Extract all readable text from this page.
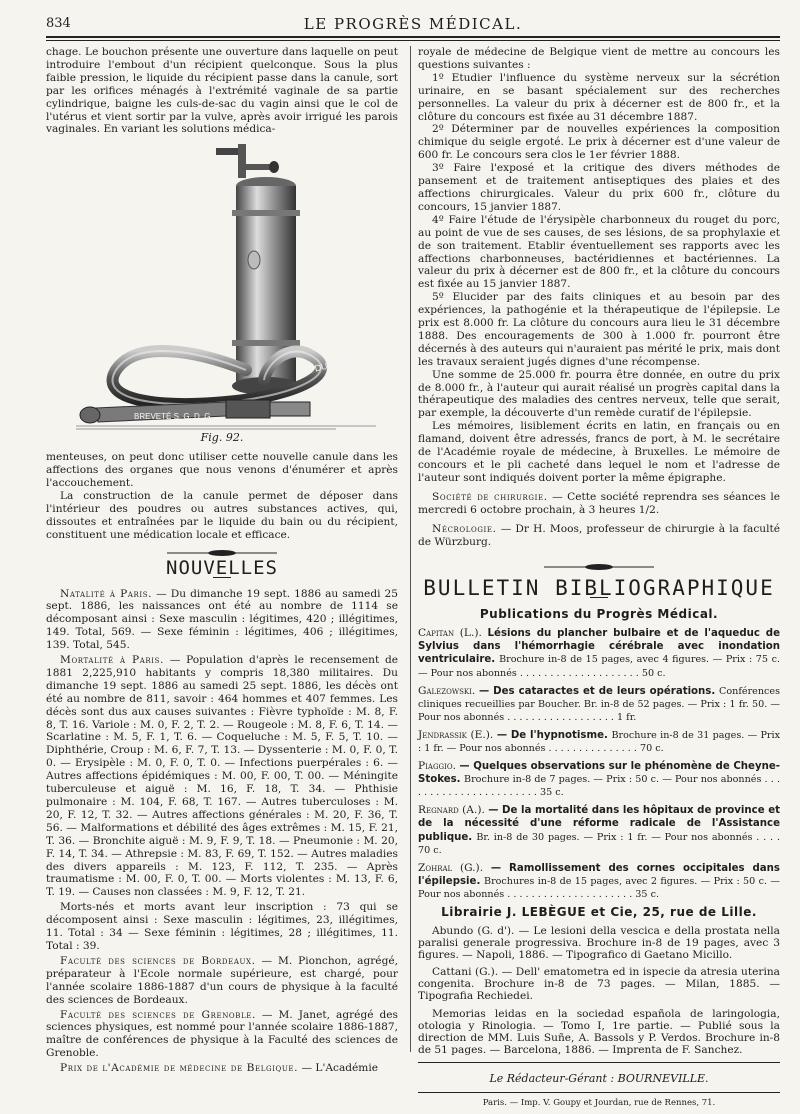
834	LE PROGRÈS MÉDICAL.

chage. Le bouchon présente une ouverture dans laquelle on peut introduire l'embout d'un récipient quelconque. Sous la plus faible pression, le liquide du récipient passe dans la canule, sort par les orifices ménagés à l'extrémité vaginale de sa partie cylindrique, baigne les culs-de-sac du vagin ainsi que le col de l'utérus et vient sortir par la vulve, après avoir irrigué les parois vaginales. En variant les solutions médica-

BREVETÉ S. G. D. G.
CH. DUBOIS
Fig. 92.

menteuses, on peut donc utiliser cette nouvelle canule dans les affections des organes que nous venons d'énumérer et après l'accouchement.

La construction de la canule permet de déposer dans l'intérieur des poudres ou autres substances actives, qui, dissoutes et entraînées par le liquide du bain ou du récipient, constituent une médication locale et efficace.

NOUVELLES

Natalité à Paris. — Du dimanche 19 sept. 1886 au samedi 25 sept. 1886, les naissances ont été au nombre de 1114 se décomposant ainsi : Sexe masculin : légitimes, 420 ; illégitimes, 149. Total, 569. — Sexe féminin : légitimes, 406 ; illégitimes, 139. Total, 545.

Mortalité à Paris. — Population d'après le recensement de 1881 2,225,910 habitants y compris 18,380 militaires. Du dimanche 19 sept. 1886 au samedi 25 sept. 1886, les décès ont été au nombre de 811, savoir : 464 hommes et 407 femmes. Les décès sont dus aux causes suivantes : Fièvre typhoïde : M. 8, F. 8, T. 16. Variole : M. 0, F. 2, T. 2. — Rougeole : M. 8, F. 6, T. 14. — Scarlatine : M. 5, F. 1, T. 6. — Coqueluche : M. 5, F. 5, T. 10. — Diphthérie, Croup : M. 6, F. 7, T. 13. — Dyssenterie : M. 0, F. 0, T. 0. — Erysipèle : M. 0, F. 0, T. 0. — Infections puerpérales : 6. — Autres affections épidémiques : M. 00, F. 00, T. 00. — Méningite tuberculeuse et aiguë : M. 16, F. 18, T. 34. — Phthisie pulmonaire : M. 104, F. 68, T. 167. — Autres tuberculoses : M. 20, F. 12, T. 32. — Autres affections générales : M. 20, F. 36, T. 56. — Malformations et débilité des âges extrêmes : M. 15, F. 21, T. 36. — Bronchite aiguë : M. 9, F. 9, T. 18. — Pneumonie : M. 20, F. 14, T. 34. — Athrepsie : M. 83, F. 69, T. 152. — Autres maladies des divers appareils : M. 123, F. 112, T. 235. — Après traumatisme : M. 00, F. 0, T. 00. — Morts violentes : M. 13, F. 6, T. 19. — Causes non classées : M. 9, F. 12, T. 21.

Morts-nés et morts avant leur inscription : 73 qui se décomposent ainsi : Sexe masculin : légitimes, 23, illégitimes, 11. Total : 34 — Sexe féminin : légitimes, 28 ; illégitimes, 11. Total : 39.

Faculté des sciences de Bordeaux. — M. Pionchon, agrégé, préparateur à l'Ecole normale supérieure, est chargé, pour l'année scolaire 1886-1887 d'un cours de physique à la faculté des sciences de Bordeaux.

Faculté des sciences de Grenoble. — M. Janet, agrégé des sciences physiques, est nommé pour l'année scolaire 1886-1887, maître de conférences de physique à la Faculté des sciences de Grenoble.

Prix de l'Académie de médecine de Belgique. — L'Académie

royale de médecine de Belgique vient de mettre au concours les questions suivantes :

1º Etudier l'influence du système nerveux sur la sécrétion urinaire, en se basant spécialement sur des recherches personnelles. La valeur du prix à décerner est de 800 fr., et la clôture du concours est fixée au 31 décembre 1887.

2º Déterminer par de nouvelles expériences la composition chimique du seigle ergoté. Le prix à décerner est d'une valeur de 600 fr. Le concours sera clos le 1er février 1888.

3º Faire l'exposé et la critique des divers méthodes de pansement et de traitement antiseptiques des plaies et des affections chirurgicales. Valeur du prix 600 fr., clôture du concours, 15 janvier 1887.

4º Faire l'étude de l'érysipèle charbonneux du rouget du porc, au point de vue de ses causes, de ses lésions, de sa prophylaxie et de son traitement. Etablir éventuellement ses rapports avec les affections charbonneuses, bactéridiennes et bactériennes. La valeur du prix à décerner est de 800 fr., et la clôture du concours est fixée au 15 janvier 1887.

5º Elucider par des faits cliniques et au besoin par des expériences, la pathogénie et la thérapeutique de l'épilepsie. Le prix est 8.000 fr. La clôture du concours aura lieu le 31 décembre 1888. Des encouragements de 300 à 1.000 fr. pourront être décernés à des auteurs qui n'auraient pas mérité le prix, mais dont les travaux seraient jugés dignes d'une récompense.

Une somme de 25.000 fr. pourra être donnée, en outre du prix de 8.000 fr., à l'auteur qui aurait réalisé un progrès capital dans la thérapeutique des maladies des centres nerveux, telle que serait, par exemple, la découverte d'un remède curatif de l'épilepsie.

Les mémoires, lisiblement écrits en latin, en français ou en flamand, doivent être adressés, francs de port, à M. le secrétaire de l'Académie royale de médecine, à Bruxelles. Le mémoire de concours et le pli cacheté dans lequel le nom et l'adresse de l'auteur sont indiqués doivent porter la même épigraphe.

Société de chirurgie. — Cette société reprendra ses séances le mercredi 6 octobre prochain, à 3 heures 1/2.

Nécrologie. — Dr H. Moos, professeur de chirurgie à la faculté de Würzburg.

BULLETIN BIBLIOGRAPHIQUE
Publications du Progrès Médical.

Capitan (L.). Lésions du plancher bulbaire et de l'aqueduc de Sylvius dans l'hémorrhagie cérébrale avec inondation ventriculaire. Brochure in-8 de 15 pages, avec 4 figures. — Prix : 75 c. — Pour nos abonnés . . . . . . . . . . . . . . . . . . . . 50 c.

Galezowski. — Des cataractes et de leurs opérations. Conférences cliniques recueillies par Boucher. Br. in-8 de 52 pages. — Prix : 1 fr. 50. — Pour nos abonnés . . . . . . . . . . . . . . . . . . 1 fr.

Jendrassik (E.). — De l'hypnotisme. Brochure in-8 de 31 pages. — Prix : 1 fr. — Pour nos abonnés . . . . . . . . . . . . . . . 70 c.

Piaggio. — Quelques observations sur le phénomène de Cheyne-Stokes. Brochure in-8 de 7 pages. — Prix : 50 c. — Pour nos abonnés . . . . . . . . . . . . . . . . . . . . . . . 35 c.

Regnard (A.). — De la mortalité dans les hôpitaux de province et de la nécessité d'une réforme radicale de l'Assistance publique. Br. in-8 de 30 pages. — Prix : 1 fr. — Pour nos abonnés . . . . 70 c.

Zohral (G.). — Ramollissement des cornes occipitales dans l'épilepsie. Brochures in-8 de 15 pages, avec 2 figures. — Prix : 50 c. — Pour nos abonnés . . . . . . . . . . . . . . . . . . . . . 35 c.

Librairie J. LEBÈGUE et Cie, 25, rue de Lille.

Abundo (G. d'). — Le lesioni della vescica e della prostata nella paralisi generale progressiva. Brochure in-8 de 19 pages, avec 3 figures. — Napoli, 1886. — Tipografico di Gaetano Micillo.

Cattani (G.). — Dell' ematometra ed in ispecie da atresia uterina congenita. Brochure in-8 de 73 pages. — Milan, 1885. — Tipografia Rechiedei.

Memorias leidas en la sociedad española de laringologia, otologia y Rinologia. — Tomo I, 1re partie. — Publié sous la direction de MM. Luis Suñe, A. Bassols y P. Verdos. Brochure in-8 de 51 pages. — Barcelona, 1886. — Imprenta de F. Sanchez.

Le Rédacteur-Gérant : BOURNEVILLE.
Paris. — Imp. V. Goupy et Jourdan, rue de Rennes, 71.
